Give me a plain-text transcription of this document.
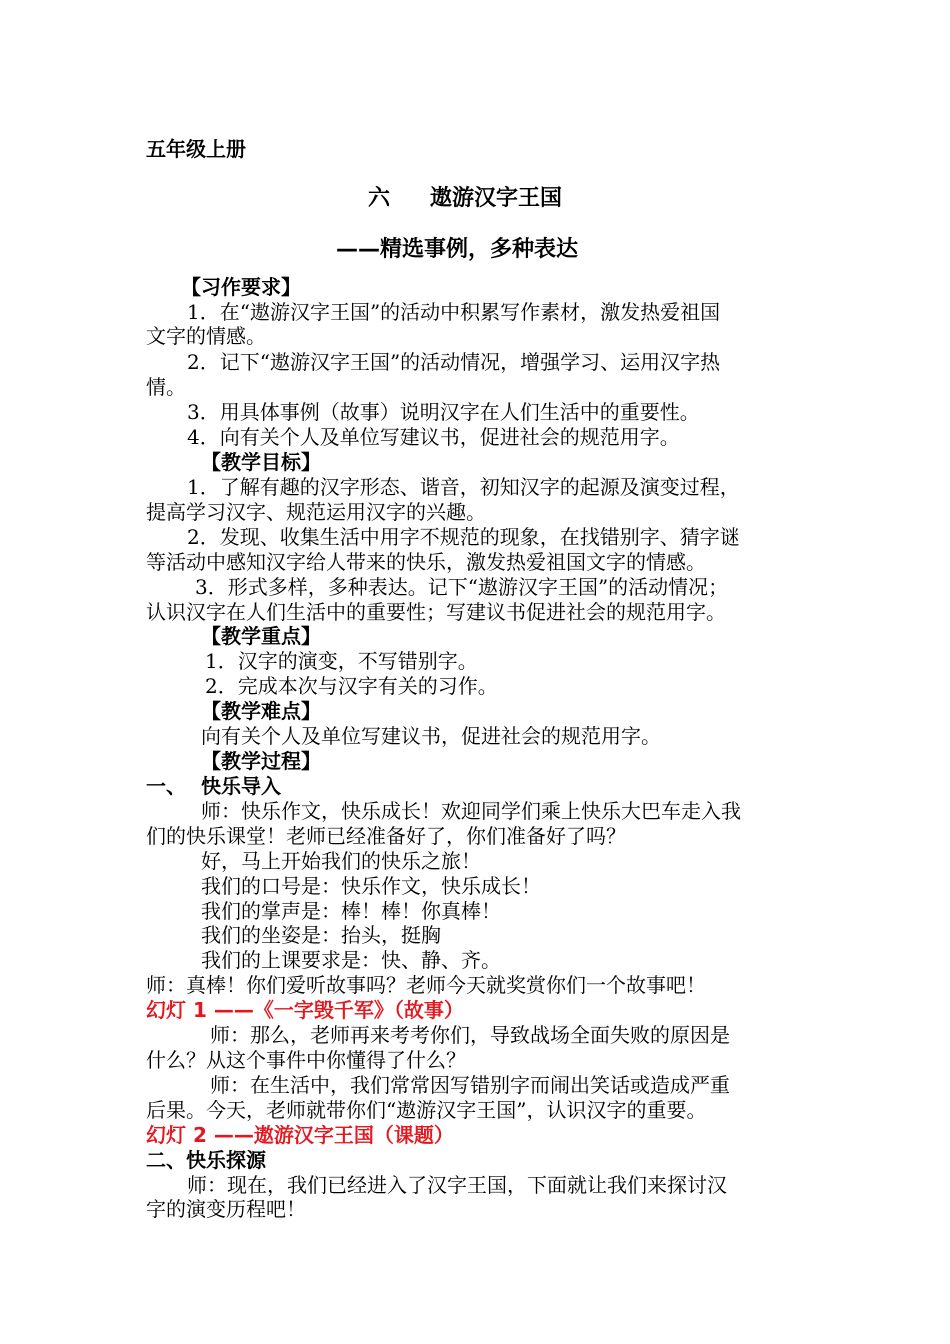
五年级上册
六 遨游汉字王国
——精选事例，多种表达
【习作要求】
1．在“遨游汉字王国”的活动中积累写作素材，激发热爱祖国
文字的情感。
2．记下“遨游汉字王国”的活动情况，增强学习、运用汉字热
情。
3．用具体事例（故事）说明汉字在人们生活中的重要性。
4．向有关个人及单位写建议书，促进社会的规范用字。
【教学目标】
1．了解有趣的汉字形态、谐音，初知汉字的起源及演变过程，
提高学习汉字、规范运用汉字的兴趣。
2．发现、收集生活中用字不规范的现象，在找错别字、猜字谜
等活动中感知汉字给人带来的快乐，激发热爱祖国文字的情感。
3．形式多样，多种表达。记下“遨游汉字王国”的活动情况；
认识汉字在人们生活中的重要性；写建议书促进社会的规范用字。
【教学重点】
1．汉字的演变，不写错别字。
2．完成本次与汉字有关的习作。
【教学难点】
向有关个人及单位写建议书，促进社会的规范用字。
【教学过程】
一、 快乐导入
师：快乐作文，快乐成长！欢迎同学们乘上快乐大巴车走入我
们的快乐课堂！老师已经准备好了，你们准备好了吗？
好，马上开始我们的快乐之旅！
我们的口号是：快乐作文，快乐成长！
我们的掌声是：棒！棒！你真棒！
我们的坐姿是：抬头，挺胸
我们的上课要求是：快、静、齐。
师：真棒！你们爱听故事吗？老师今天就奖赏你们一个故事吧！
幻灯 1 ——《一字毁千军》（故事）
师：那么，老师再来考考你们，导致战场全面失败的原因是
什么？从这个事件中你懂得了什么？
师：在生活中，我们常常因写错别字而闹出笑话或造成严重
后果。今天，老师就带你们“遨游汉字王国”，认识汉字的重要。
幻灯 2 ——遨游汉字王国（课题）
二、快乐探源
师：现在，我们已经进入了汉字王国，下面就让我们来探讨汉
字的演变历程吧！
